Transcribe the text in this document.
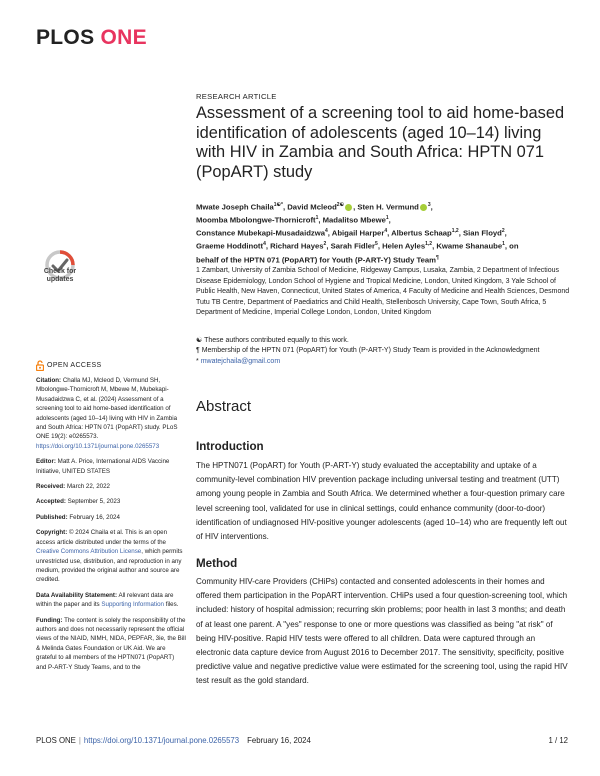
PLOS ONE
RESEARCH ARTICLE
Assessment of a screening tool to aid home-based identification of adolescents (aged 10–14) living with HIV in Zambia and South Africa: HPTN 071 (PopART) study
Mwate Joseph Chaila$^{1☯*}$, David Mcleod$^{2☯}$ , Sten H. Vermund $^3$,
Moomba Mbolongwe-Thornicroft$^1$, Madalitso Mbewe$^1$,
Constance Mubekapi-Musadaidzwa$^4$, Abigail Harper$^4$, Albertus Schaap$^{1,2}$, Sian Floyd$^2$,
Graeme Hoddinott$^4$, Richard Hayes$^2$, Sarah Fidler$^5$, Helen Ayles$^{1,2}$, Kwame Shanaube$^1$, on
behalf of the HPTN 071 (PopART) for Youth (P-ART-Y) Study Team¶
1 Zambart, University of Zambia School of Medicine, Ridgeway Campus, Lusaka, Zambia, 2 Department of Infectious Disease Epidemiology, London School of Hygiene and Tropical Medicine, London, United Kingdom, 3 Yale School of Public Health, New Haven, Connecticut, United States of America, 4 Faculty of Medicine and Health Sciences, Desmond Tutu TB Centre, Department of Paediatrics and Child Health, Stellenbosch University, Cape Town, South Africa, 5 Department of Medicine, Imperial College London, London, United Kingdom
☯ These authors contributed equally to this work.
¶ Membership of the HPTN 071 (PopART) for Youth (P-ART-Y) Study Team is provided in the Acknowledgment
* mwatejchaila@gmail.com
Abstract
Introduction
The HPTN071 (PopART) for Youth (P-ART-Y) study evaluated the acceptability and uptake of a community-level combination HIV prevention package including universal testing and treatment (UTT) among young people in Zambia and South Africa. We determined whether a four-question primary care level screening tool, validated for use in clinical settings, could enhance community (door-to-door) identification of undiagnosed HIV-positive younger adolescents (aged 10–14) who are frequently left out of HIV interventions.
Method
Community HIV-care Providers (CHiPs) contacted and consented adolescents in their homes and offered them participation in the PopART intervention. CHiPs used a four question-screening tool, which included: history of hospital admission; recurring skin problems; poor health in last 3 months; and death of at least one parent. A "yes" response to one or more questions was classified as being "at risk" of being HIV-positive. Rapid HIV tests were offered to all children. Data were captured through an electronic data capture device from August 2016 to December 2017. The sensitivity, specificity, positive predictive value and negative predictive value were estimated for the screening tool, using the rapid HIV test result as the gold standard.
Check for
updates
OPEN ACCESS
Citation: Challa MJ, Mcleod D, Vermund SH, Mbolongwe-Thornicroft M, Mbewe M, Mubekapi-Musadaidzwa C, et al. (2024) Assessment of a screening tool to aid home-based identification of adolescents (aged 10–14) living with HIV in Zambia and South Africa: HPTN 071 (PopART) study. PLoS ONE 19(2): e0265573. https://doi.org/10.1371/journal.pone.0265573
Editor: Matt A. Price, International AIDS Vaccine Initiative, UNITED STATES
Received: March 22, 2022
Accepted: September 5, 2023
Published: February 16, 2024
Copyright: © 2024 Chaila et al. This is an open access article distributed under the terms of the Creative Commons Attribution License, which permits unrestricted use, distribution, and reproduction in any medium, provided the original author and source are credited.
Data Availability Statement: All relevant data are within the paper and its Supporting Information files.
Funding: The content is solely the responsibility of the authors and does not necessarily represent the official views of the NIAID, NIMH, NIDA, PEPFAR, 3ie, the Bill & Melinda Gates Foundation or UK Aid. We are grateful to all members of the HPTN071 (PopART) and P-ART-Y Study Teams, and to the
PLOS ONE | https://doi.org/10.1371/journal.pone.0265573 February 16, 2024	1 / 12
